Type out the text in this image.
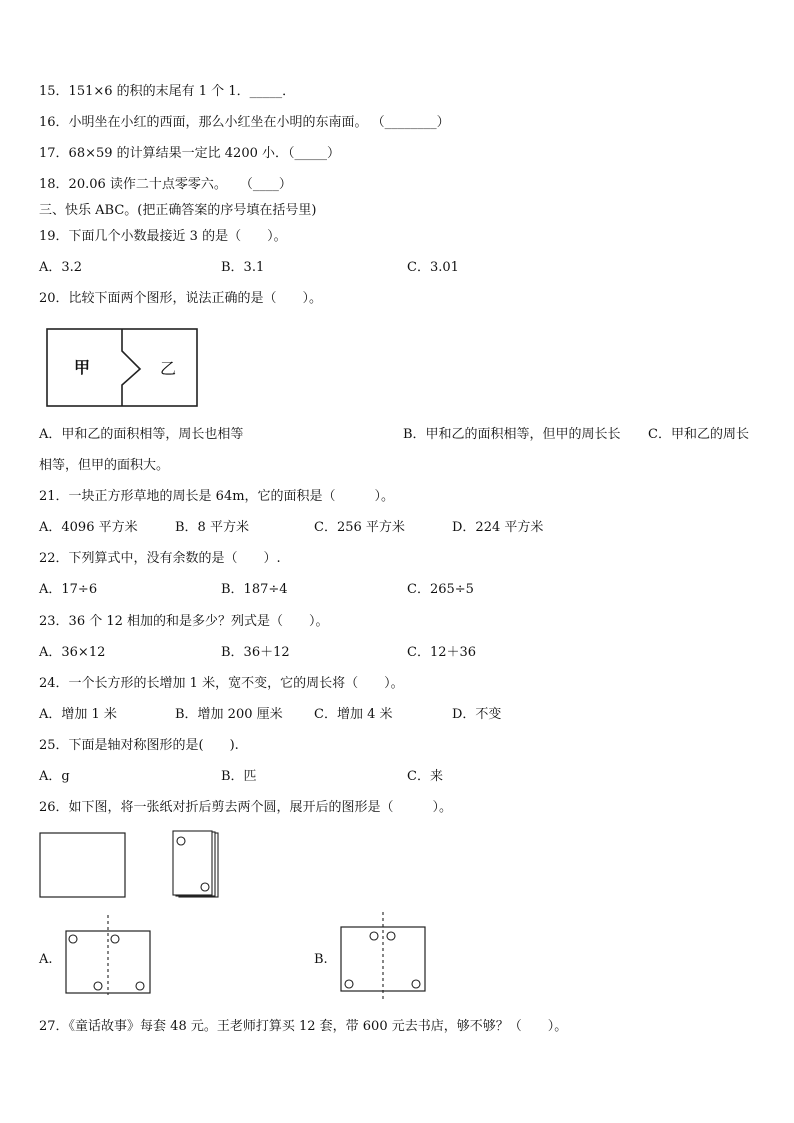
15．151×6 的积的末尾有 1 个 1．_____．
16．小明坐在小红的西面，那么小红坐在小明的东南面。 （________）
17．68×59 的计算结果一定比 4200 小．（_____）
18．20.06 读作二十点零零六。　　（____）
三、快乐 ABC。(把正确答案的序号填在括号里)
19．下面几个小数最接近 3 的是（　　）。
A．3.2	B．3.1	C．3.01
20．比较下面两个图形，说法正确的是（　　）。
甲	乙
A．甲和乙的面积相等，周长也相等	B．甲和乙的面积相等，但甲的周长长 C．甲和乙的周长
相等，但甲的面积大。
21．一块正方形草地的周长是 64m，它的面积是（　　　）。
A．4096 平方米	B．8 平方米	C．256 平方米	D．224 平方米
22．下列算式中，没有余数的是（　　）.
A．17÷6	B．187÷4	C．265÷5
23．36 个 12 相加的和是多少？列式是（　　）。
A．36×12	B．36＋12	C．12＋36
24．一个长方形的长增加 1 米，宽不变，它的周长将（　　）。
A．增加 1 米	B．增加 200 厘米 C．增加 4 米	D．不变
25．下面是轴对称图形的是(　　).
A．g	B．匹	C．来
26．如下图，将一张纸对折后剪去两个圆，展开后的图形是（　　　）。
A.	B.
27．《童话故事》每套 48 元。王老师打算买 12 套，带 600 元去书店，够不够？（　　）。
